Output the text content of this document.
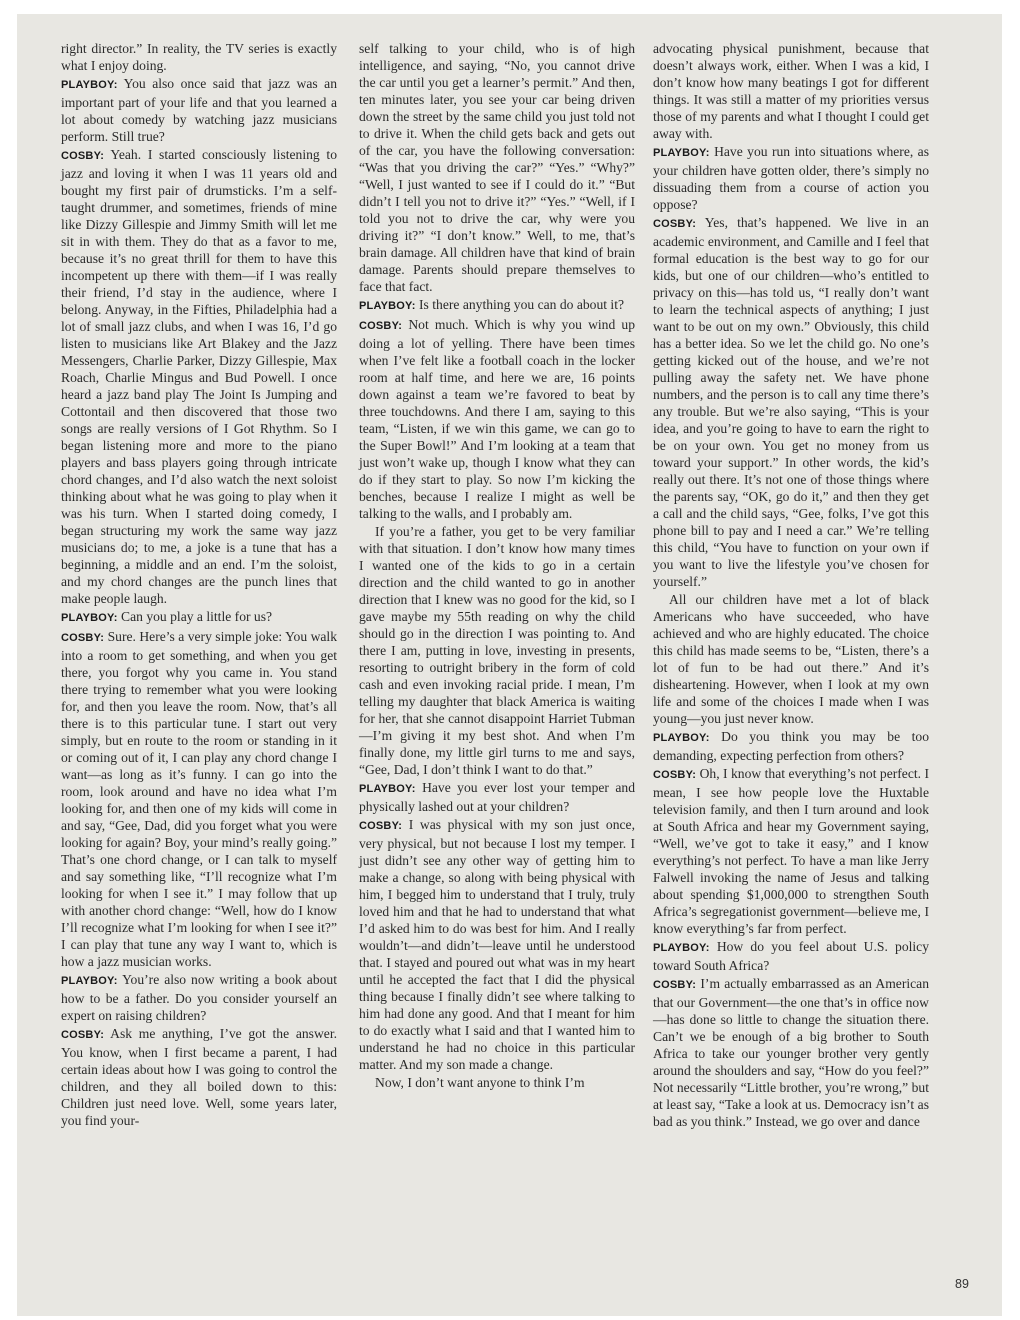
right director.” In reality, the TV series is exactly what I enjoy doing.

PLAYBOY: You also once said that jazz was an important part of your life and that you learned a lot about comedy by watching jazz musicians perform. Still true?

COSBY: Yeah. I started consciously listening to jazz and loving it when I was 11 years old and bought my first pair of drumsticks. I’m a self-taught drummer, and sometimes, friends of mine like Dizzy Gillespie and Jimmy Smith will let me sit in with them. They do that as a favor to me, because it’s no great thrill for them to have this incompetent up there with them—if I was really their friend, I’d stay in the audience, where I belong. Anyway, in the Fifties, Philadelphia had a lot of small jazz clubs, and when I was 16, I’d go listen to musicians like Art Blakey and the Jazz Messengers, Charlie Parker, Dizzy Gillespie, Max Roach, Charlie Mingus and Bud Powell. I once heard a jazz band play The Joint Is Jumping and Cottontail and then discovered that those two songs are really versions of I Got Rhythm. So I began listening more and more to the piano players and bass players going through intricate chord changes, and I’d also watch the next soloist thinking about what he was going to play when it was his turn. When I started doing comedy, I began structuring my work the same way jazz musicians do; to me, a joke is a tune that has a beginning, a middle and an end. I’m the soloist, and my chord changes are the punch lines that make people laugh.

PLAYBOY: Can you play a little for us?

COSBY: Sure. Here’s a very simple joke: You walk into a room to get something, and when you get there, you forgot why you came in. You stand there trying to remember what you were looking for, and then you leave the room. Now, that’s all there is to this particular tune. I start out very simply, but en route to the room or standing in it or coming out of it, I can play any chord change I want—as long as it’s funny. I can go into the room, look around and have no idea what I’m looking for, and then one of my kids will come in and say, “Gee, Dad, did you forget what you were looking for again? Boy, your mind’s really going.” That’s one chord change, or I can talk to myself and say something like, “I’ll recognize what I’m looking for when I see it.” I may follow that up with another chord change: “Well, how do I know I’ll recognize what I’m looking for when I see it?” I can play that tune any way I want to, which is how a jazz musician works.

PLAYBOY: You’re also now writing a book about how to be a father. Do you consider yourself an expert on raising children?

COSBY: Ask me anything, I’ve got the answer. You know, when I first became a parent, I had certain ideas about how I was going to control the children, and they all boiled down to this: Children just need love. Well, some years later, you find your-

self talking to your child, who is of high intelligence, and saying, “No, you cannot drive the car until you get a learner’s permit.” And then, ten minutes later, you see your car being driven down the street by the same child you just told not to drive it. When the child gets back and gets out of the car, you have the following conversation: “Was that you driving the car?” “Yes.” “Why?” “Well, I just wanted to see if I could do it.” “But didn’t I tell you not to drive it?” “Yes.” “Well, if I told you not to drive the car, why were you driving it?” “I don’t know.” Well, to me, that’s brain damage. All children have that kind of brain damage. Parents should prepare themselves to face that fact.

PLAYBOY: Is there anything you can do about it?

COSBY: Not much. Which is why you wind up doing a lot of yelling. There have been times when I’ve felt like a football coach in the locker room at half time, and here we are, 16 points down against a team we’re favored to beat by three touchdowns. And there I am, saying to this team, “Listen, if we win this game, we can go to the Super Bowl!” And I’m looking at a team that just won’t wake up, though I know what they can do if they start to play. So now I’m kicking the benches, because I realize I might as well be talking to the walls, and I probably am.

If you’re a father, you get to be very familiar with that situation. I don’t know how many times I wanted one of the kids to go in a certain direction and the child wanted to go in another direction that I knew was no good for the kid, so I gave maybe my 55th reading on why the child should go in the direction I was pointing to. And there I am, putting in love, investing in presents, resorting to outright bribery in the form of cold cash and even invoking racial pride. I mean, I’m telling my daughter that black America is waiting for her, that she cannot disappoint Harriet Tubman—I’m giving it my best shot. And when I’m finally done, my little girl turns to me and says, “Gee, Dad, I don’t think I want to do that.”

PLAYBOY: Have you ever lost your temper and physically lashed out at your children?

COSBY: I was physical with my son just once, very physical, but not because I lost my temper. I just didn’t see any other way of getting him to make a change, so along with being physical with him, I begged him to understand that I truly, truly loved him and that he had to understand that what I’d asked him to do was best for him. And I really wouldn’t—and didn’t—leave until he understood that. I stayed and poured out what was in my heart until he accepted the fact that I did the physical thing because I finally didn’t see where talking to him had done any good. And that I meant for him to do exactly what I said and that I wanted him to understand he had no choice in this particular matter. And my son made a change.

Now, I don’t want anyone to think I’m

advocating physical punishment, because that doesn’t always work, either. When I was a kid, I don’t know how many beatings I got for different things. It was still a matter of my priorities versus those of my parents and what I thought I could get away with.

PLAYBOY: Have you run into situations where, as your children have gotten older, there’s simply no dissuading them from a course of action you oppose?

COSBY: Yes, that’s happened. We live in an academic environment, and Camille and I feel that formal education is the best way to go for our kids, but one of our children—who’s entitled to privacy on this—has told us, “I really don’t want to learn the technical aspects of anything; I just want to be out on my own.” Obviously, this child has a better idea. So we let the child go. No one’s getting kicked out of the house, and we’re not pulling away the safety net. We have phone numbers, and the person is to call any time there’s any trouble. But we’re also saying, “This is your idea, and you’re going to have to earn the right to be on your own. You get no money from us toward your support.” In other words, the kid’s really out there. It’s not one of those things where the parents say, “OK, go do it,” and then they get a call and the child says, “Gee, folks, I’ve got this phone bill to pay and I need a car.” We’re telling this child, “You have to function on your own if you want to live the lifestyle you’ve chosen for yourself.”

All our children have met a lot of black Americans who have succeeded, who have achieved and who are highly educated. The choice this child has made seems to be, “Listen, there’s a lot of fun to be had out there.” And it’s disheartening. However, when I look at my own life and some of the choices I made when I was young—you just never know.

PLAYBOY: Do you think you may be too demanding, expecting perfection from others?

COSBY: Oh, I know that everything’s not perfect. I mean, I see how people love the Huxtable television family, and then I turn around and look at South Africa and hear my Government saying, “Well, we’ve got to take it easy,” and I know everything’s not perfect. To have a man like Jerry Falwell invoking the name of Jesus and talking about spending $1,000,000 to strengthen South Africa’s segregationist government—believe me, I know everything’s far from perfect.

PLAYBOY: How do you feel about U.S. policy toward South Africa?

COSBY: I’m actually embarrassed as an American that our Government—the one that’s in office now—has done so little to change the situation there. Can’t we be enough of a big brother to South Africa to take our younger brother very gently around the shoulders and say, “How do you feel?” Not necessarily “Little brother, you’re wrong,” but at least say, “Take a look at us. Democracy isn’t as bad as you think.” Instead, we go over and dance

89
